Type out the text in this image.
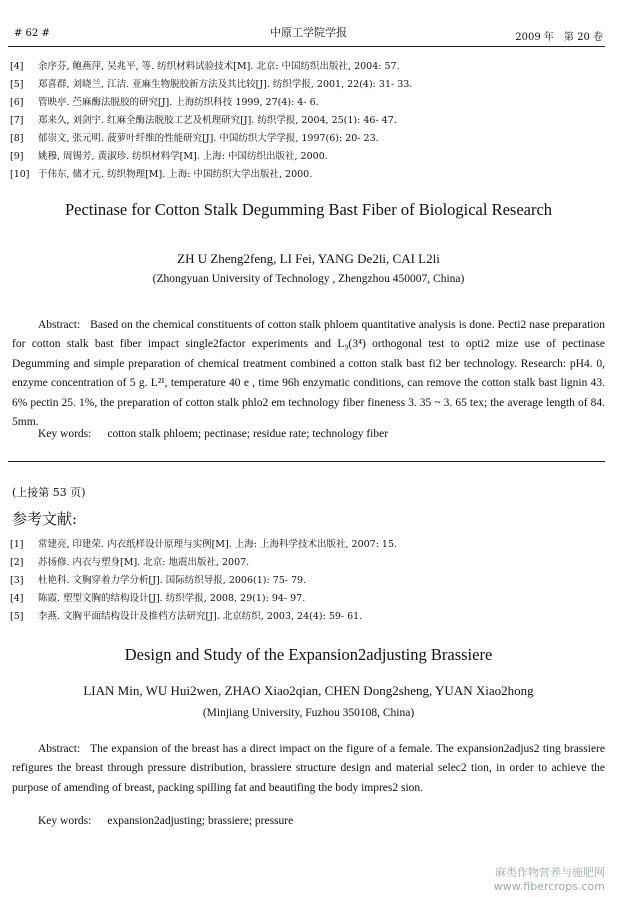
# 62 #	中原工学院学报	2009 年　第 20 卷
[4] 余序芬, 鲍燕萍, 吴兆平, 等. 纺织材料试验技术[M]. 北京: 中国纺织出版社, 2004: 57.
[5] 郑喜群, 刘晓兰, 江洁. 亚麻生物脱胶新方法及其比较[J]. 纺织学报, 2001, 22(4): 31- 33.
[6] 管映亭. 苎麻酶法脱胶的研究[J]. 上海纺织科技 1999, 27(4): 4- 6.
[7] 郑来久, 刘剑宇. 红麻全酶法脱胶工艺及机理研究[J]. 纺织学报, 2004, 25(1): 46- 47.
[8] 郁崇文, 张元明. 菠萝叶纤维的性能研究[J]. 中国纺织大学学报, 1997(6): 20- 23.
[9] 姚穆, 周锡芳, 黄淑珍. 纺织材料学[M]. 上海: 中国纺织出版社, 2000.
[10] 于伟东, 储才元. 纺织物理[M]. 上海: 中国纺织大学出版社, 2000.
Pectinase for Cotton Stalk Degumming Bast Fiber of Biological Research
ZH U Zheng2feng, LI Fei, YANG De2li, CAI L2li
(Zhongyuan University of Technology , Zhengzhou 450007, China)
Abstract: Based on the chemical constituents of cotton stalk phloem quantitative analysis is done. Pecti2 nase preparation for cotton stalk bast fiber impact single2factor experiments and L₉(3⁴) orthogonal test to opti2 mize use of pectinase Degumming and simple preparation of chemical treatment combined a cotton stalk bast fi2 ber technology. Research: pH4. 0, enzyme concentration of 5 g. L²¹, temperature 40 e , time 96h enzymatic conditions, can remove the cotton stalk bast lignin 43. 6% pectin 25. 1%, the preparation of cotton stalk phlo2 em technology fiber fineness 3. 35 ~ 3. 65 tex; the average length of 84. 5mm.
Key words: cotton stalk phloem; pectinase; residue rate; technology fiber
(上接第 53 页)
参考文献:
[1] 常建亮, 印建荣. 内衣纸样设计原理与实例[M]. 上海: 上海科学技术出版社, 2007: 15.
[2] 苏扬修. 内衣与塑身[M]. 北京: 地震出版社, 2007.
[3] 杜艳科. 文胸穿着力学分析[J]. 国际纺织导报, 2006(1): 75- 79.
[4] 陈霞. 塑型文胸的结构设计[J]. 纺织学报, 2008, 29(1): 94- 97.
[5] 李燕. 文胸平面结构设计及推档方法研究[J]. 北京纺织, 2003, 24(4): 59- 61.
Design and Study of the Expansion2adjusting Brassiere
LIAN Min, WU Hui2wen, ZHAO Xiao2qian, CHEN Dong2sheng, YUAN Xiao2hong
(Minjiang University, Fuzhou 350108, China)
Abstract: The expansion of the breast has a direct impact on the figure of a female. The expansion2adjus2 ting brassiere refigures the breast through pressure distribution, brassiere structure design and material selec2 tion, in order to achieve the purpose of amending of breast, packing spilling fat and beautifing the body impres2 sion.
Key words: expansion2adjusting; brassiere; pressure
麻类作物营养与施肥网
www.fibercrops.com
